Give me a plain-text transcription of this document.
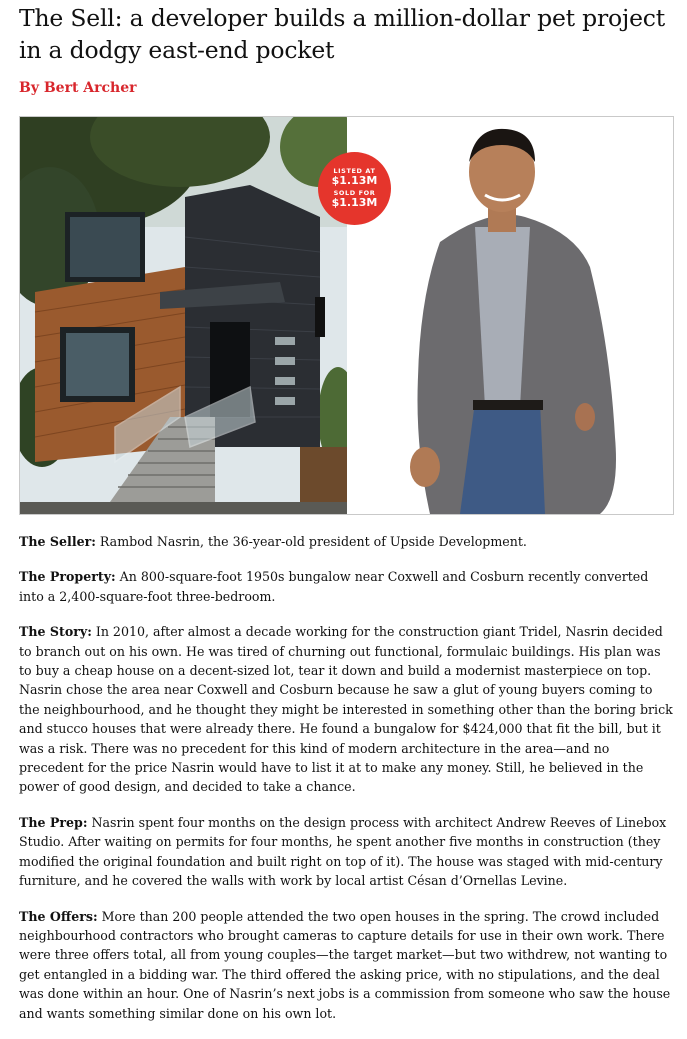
The Sell: a developer builds a million-dollar pet project in a dodgy east-end pocket
By Bert Archer
LISTED AT
$1.13M
SOLD FOR
$1.13M

The Seller: Rambod Nasrin, the 36-year-old president of Upside Development.

The Property: An 800-square-foot 1950s bungalow near Coxwell and Cosburn recently converted into a 2,400-square-foot three-bedroom.

The Story: In 2010, after almost a decade working for the construction giant Tridel, Nasrin decided to branch out on his own. He was tired of churning out functional, formulaic buildings. His plan was to buy a cheap house on a decent-sized lot, tear it down and build a modernist masterpiece on top. Nasrin chose the area near Coxwell and Cosburn because he saw a glut of young buyers coming to the neighbourhood, and he thought they might be interested in something other than the boring brick and stucco houses that were already there. He found a bungalow for $424,000 that fit the bill, but it was a risk. There was no precedent for this kind of modern architecture in the area—and no precedent for the price Nasrin would have to list it at to make any money. Still, he believed in the power of good design, and decided to take a chance.

The Prep: Nasrin spent four months on the design process with architect Andrew Reeves of Linebox Studio. After waiting on permits for four months, he spent another five months in construction (they modified the original foundation and built right on top of it). The house was staged with mid-century furniture, and he covered the walls with work by local artist Césan d’Ornellas Levine.

The Offers: More than 200 people attended the two open houses in the spring. The crowd included neighbourhood contractors who brought cameras to capture details for use in their own work. There were three offers total, all from young couples—the target market—but two withdrew, not wanting to get entangled in a bidding war. The third offered the asking price, with no stipulations, and the deal was done within an hour. One of Nasrin’s next jobs is a commission from someone who saw the house and wants something similar done on his own lot.
